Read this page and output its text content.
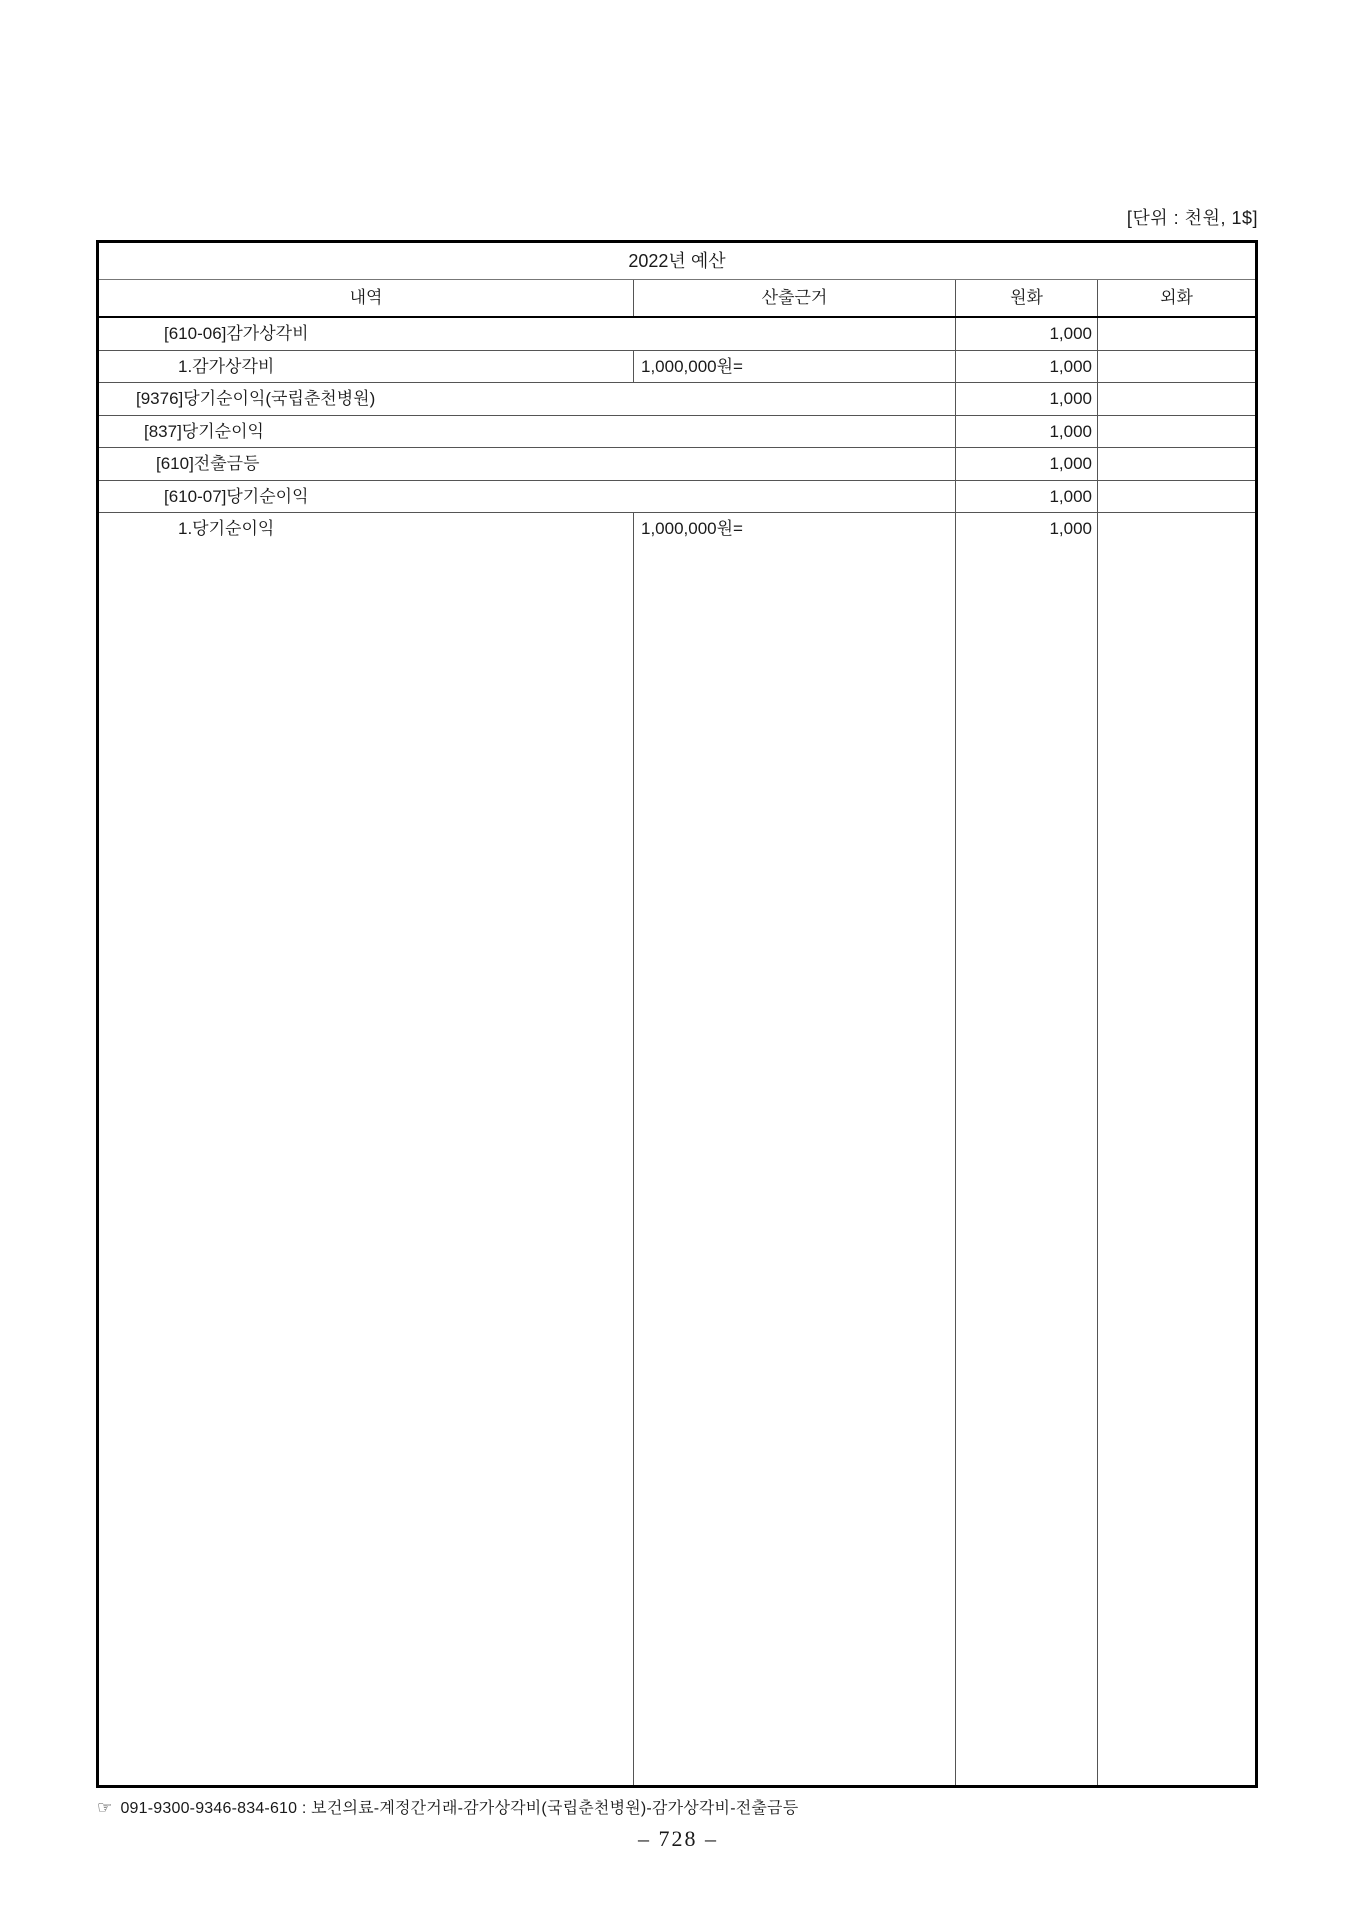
[단위 : 천원, 1$]
2022년 예산
내역	산출근거	원화	외화
[610-06]감가상각비	1,000
1.감가상각비	1,000,000원=	1,000
[9376]당기순이익(국립춘천병원)	1,000
[837]당기순이익	1,000
[610]전출금등	1,000
[610-07]당기순이익	1,000
1.당기순이익	1,000,000원=	1,000
☞ 091-9300-9346-834-610 : 보건의료-계정간거래-감가상각비(국립춘천병원)-감가상각비-전출금등
– 728 –
